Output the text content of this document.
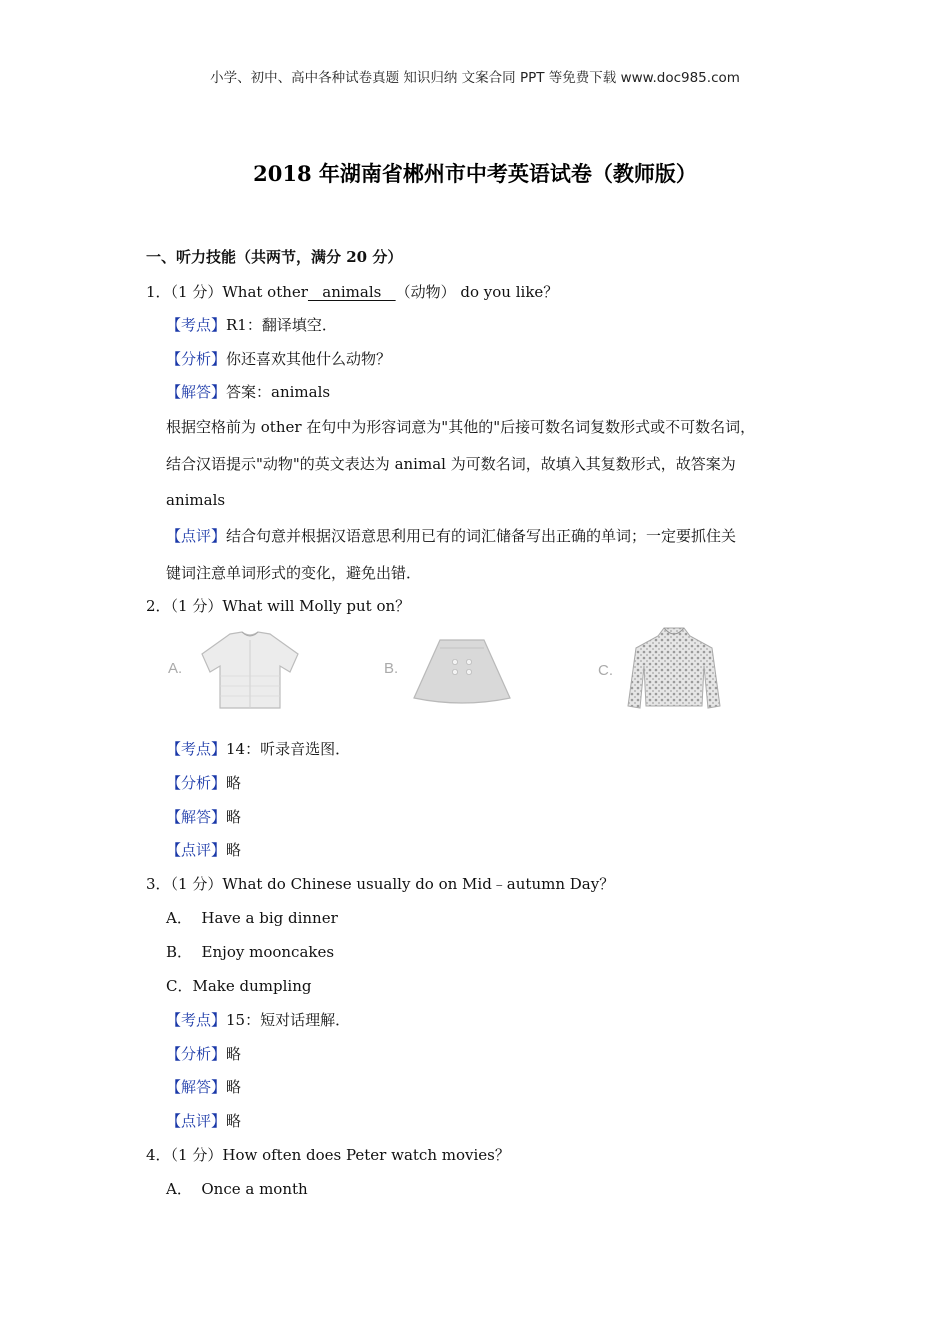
小学、初中、高中各种试卷真题 知识归纳 文案合同 PPT 等免费下载 www.doc985.com
2018 年湖南省郴州市中考英语试卷（教师版）
一、听力技能（共两节，满分 20 分）
1．（1 分）What other   animals   （动物） do you like？
【考点】R1：翻译填空．
【分析】你还喜欢其他什么动物？
【解答】答案：animals
根据空格前为 other 在句中为形容词意为"其他的"后接可数名词复数形式或不可数名词，
结合汉语提示"动物"的英文表达为 animal 为可数名词，故填入其复数形式，故答案为
animals
【点评】结合句意并根据汉语意思利用已有的词汇储备写出正确的单词；一定要抓住关
键词注意单词形式的变化，避免出错．
2．（1 分）What will Molly put on？
A.	B.	C.
【考点】14：听录音选图．
【分析】略
【解答】略
【点评】略
3．（1 分）What do Chinese usually do on Mid﹣autumn Day？
A．  Have a big dinner
B．  Enjoy mooncakes
C．Make dumpling
【考点】15：短对话理解．
【分析】略
【解答】略
【点评】略
4．（1 分）How often does Peter watch movies？
A．  Once a month
